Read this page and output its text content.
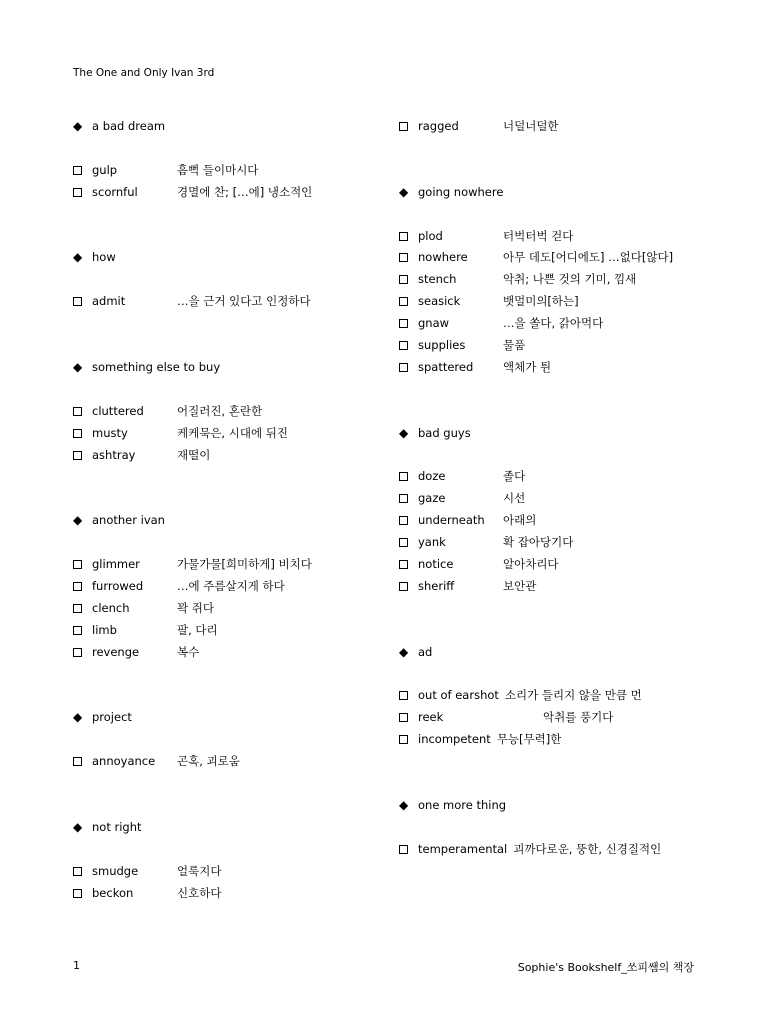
The One and Only Ivan 3rd
◆ a bad dream
gulp	흠뻑 들이마시다
scornful	경멸에 찬; […에] 냉소적인
◆ how
admit	…을 근거 있다고 인정하다
◆ something else to buy
cluttered	어질러진, 혼란한
musty	케케묵은, 시대에 뒤진
ashtray	재떨이
◆ another ivan
glimmer	가물가물[희미하게] 비치다
furrowed	…에 주름살지게 하다
clench	꽉 쥐다
limb	팔, 다리
revenge	복수
◆ project
annoyance 곤혹, 괴로움
◆ not right
smudge	얼룩지다
beckon	신호하다
ragged	너덜너덜한
◆ going nowhere
plod	터벅터벅 걷다
nowhere	아무 데도[어디에도] …없다[않다]
stench	악취; 나쁜 것의 기미, 낌새
seasick	뱃멀미의[하는]
gnaw	…을 쏠다, 갉아먹다
supplies	물품
spattered	액체가 튄
◆ bad guys
doze	졸다
gaze	시선
underneath 아래의
yank	확 잡아당기다
notice	알아차리다
sheriff	보안관
◆ ad
out of earshot 소리가 들리지 않을 만큼 먼
reek	악취를 풍기다
incompetent 무능[무력]한
◆ one more thing
temperamental 괴까다로운, 뚱한, 신경질적인
1	Sophie's Bookshelf_쏘피쌤의 책장
